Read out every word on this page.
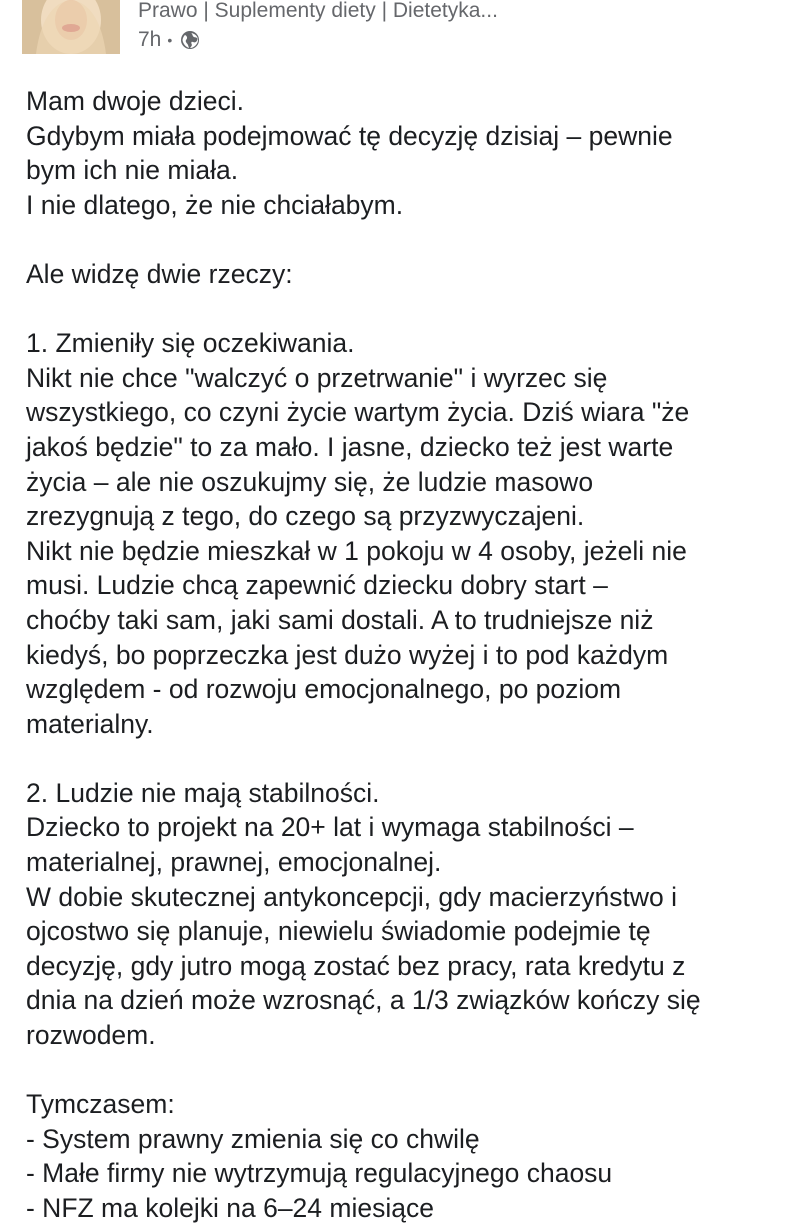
Prawo | Suplementy diety | Dietetyka...
7h •

Mam dwoje dzieci.
Gdybym miała podejmować tę decyzję dzisiaj – pewnie
bym ich nie miała.
I nie dlatego, że nie chciałabym.

Ale widzę dwie rzeczy:

1. Zmieniły się oczekiwania.
Nikt nie chce "walczyć o przetrwanie" i wyrzec się
wszystkiego, co czyni życie wartym życia. Dziś wiara "że
jakoś będzie" to za mało. I jasne, dziecko też jest warte
życia – ale nie oszukujmy się, że ludzie masowo
zrezygnują z tego, do czego są przyzwyczajeni.
Nikt nie będzie mieszkał w 1 pokoju w 4 osoby, jeżeli nie
musi. Ludzie chcą zapewnić dziecku dobry start –
choćby taki sam, jaki sami dostali. A to trudniejsze niż
kiedyś, bo poprzeczka jest dużo wyżej i to pod każdym
względem - od rozwoju emocjonalnego, po poziom
materialny.

2. Ludzie nie mają stabilności.
Dziecko to projekt na 20+ lat i wymaga stabilności –
materialnej, prawnej, emocjonalnej.
W dobie skutecznej antykoncepcji, gdy macierzyństwo i
ojcostwo się planuje, niewielu świadomie podejmie tę
decyzję, gdy jutro mogą zostać bez pracy, rata kredytu z
dnia na dzień może wzrosnąć, a 1/3 związków kończy się
rozwodem.

Tymczasem:
- System prawny zmienia się co chwilę
- Małe firmy nie wytrzymują regulacyjnego chaosu
- NFZ ma kolejki na 6–24 miesiące
